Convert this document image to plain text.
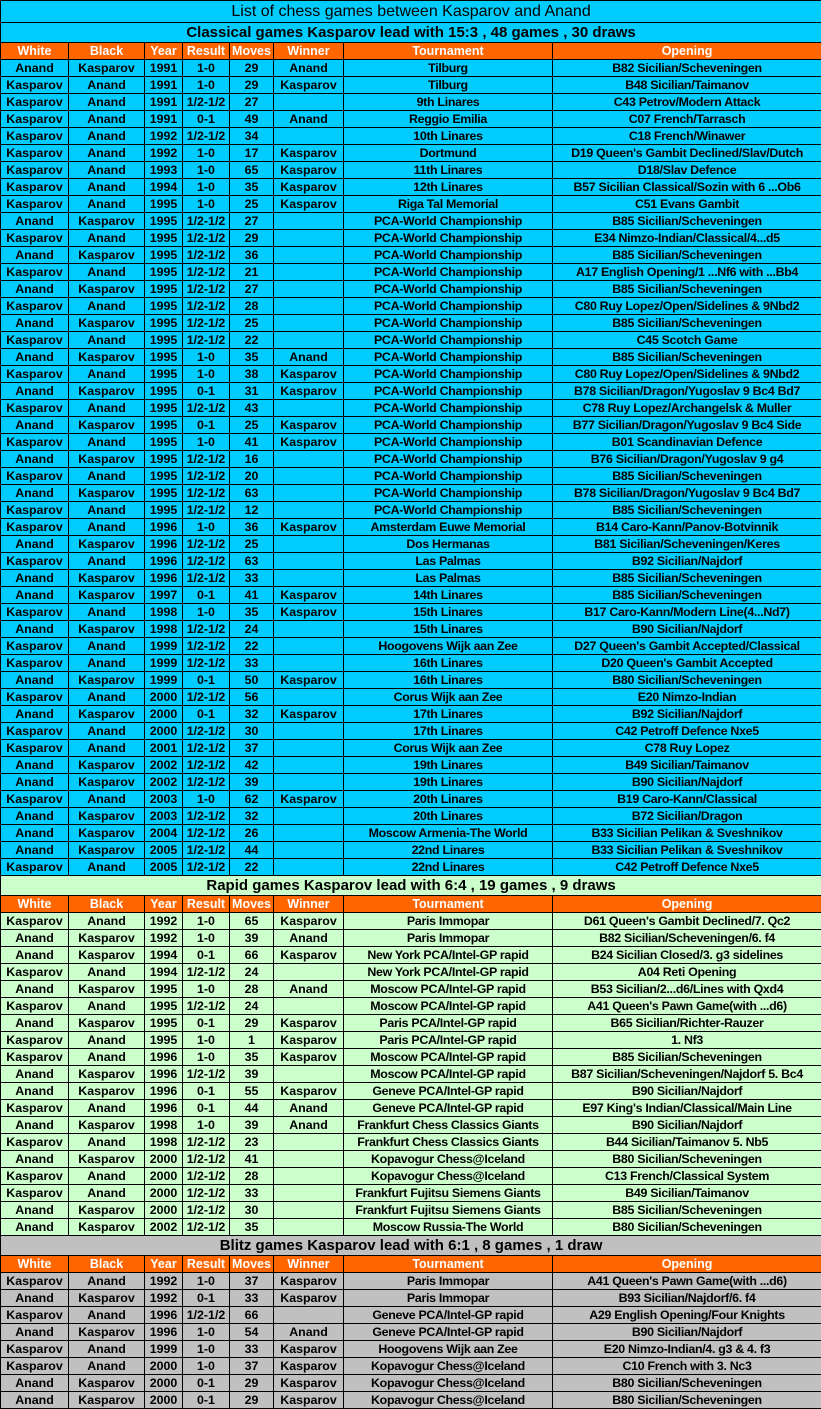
List of chess games between Kasparov and Anand							
Classical games Kasparov lead with 15:3 , 48 games , 30 draws							
White	Black	Year	Result	Moves	Winner	Tournament	Opening
Anand	Kasparov	1991	1-0	29	Anand	Tilburg	B82 Sicilian/Scheveningen
Kasparov	Anand	1991	1-0	29	Kasparov	Tilburg	B48 Sicilian/Taimanov
Kasparov	Anand	1991	1/2-1/2	27		9th Linares	C43 Petrov/Modern Attack
Kasparov	Anand	1991	0-1	49	Anand	Reggio Emilia	C07 French/Tarrasch
Kasparov	Anand	1992	1/2-1/2	34		10th Linares	C18 French/Winawer
Kasparov	Anand	1992	1-0	17	Kasparov	Dortmund	D19 Queen's Gambit Declined/Slav/Dutch
Kasparov	Anand	1993	1-0	65	Kasparov	11th Linares	D18/Slav Defence
Kasparov	Anand	1994	1-0	35	Kasparov	12th Linares	B57 Sicilian Classical/Sozin with 6 ...Ob6
Kasparov	Anand	1995	1-0	25	Kasparov	Riga Tal Memorial	C51 Evans Gambit
Anand	Kasparov	1995	1/2-1/2	27		PCA-World Championship	B85 Sicilian/Scheveningen
Kasparov	Anand	1995	1/2-1/2	29		PCA-World Championship	E34 Nimzo-Indian/Classical/4...d5
Anand	Kasparov	1995	1/2-1/2	36		PCA-World Championship	B85 Sicilian/Scheveningen
Kasparov	Anand	1995	1/2-1/2	21		PCA-World Championship	A17 English Opening/1 ...Nf6 with ...Bb4
Anand	Kasparov	1995	1/2-1/2	27		PCA-World Championship	B85 Sicilian/Scheveningen
Kasparov	Anand	1995	1/2-1/2	28		PCA-World Championship	C80 Ruy Lopez/Open/Sidelines & 9Nbd2
Anand	Kasparov	1995	1/2-1/2	25		PCA-World Championship	B85 Sicilian/Scheveningen
Kasparov	Anand	1995	1/2-1/2	22		PCA-World Championship	C45 Scotch Game
Anand	Kasparov	1995	1-0	35	Anand	PCA-World Championship	B85 Sicilian/Scheveningen
Kasparov	Anand	1995	1-0	38	Kasparov	PCA-World Championship	C80 Ruy Lopez/Open/Sidelines & 9Nbd2
Anand	Kasparov	1995	0-1	31	Kasparov	PCA-World Championship	B78 Sicilian/Dragon/Yugoslav 9 Bc4 Bd7
Kasparov	Anand	1995	1/2-1/2	43		PCA-World Championship	C78 Ruy Lopez/Archangelsk & Muller
Anand	Kasparov	1995	0-1	25	Kasparov	PCA-World Championship	B77 Sicilian/Dragon/Yugoslav 9 Bc4 Side
Kasparov	Anand	1995	1-0	41	Kasparov	PCA-World Championship	B01 Scandinavian Defence
Anand	Kasparov	1995	1/2-1/2	16		PCA-World Championship	B76 Sicilian/Dragon/Yugoslav 9 g4
Kasparov	Anand	1995	1/2-1/2	20		PCA-World Championship	B85 Sicilian/Scheveningen
Anand	Kasparov	1995	1/2-1/2	63		PCA-World Championship	B78 Sicilian/Dragon/Yugoslav 9 Bc4 Bd7
Kasparov	Anand	1995	1/2-1/2	12		PCA-World Championship	B85 Sicilian/Scheveningen
Kasparov	Anand	1996	1-0	36	Kasparov	Amsterdam Euwe Memorial	B14 Caro-Kann/Panov-Botvinnik
Anand	Kasparov	1996	1/2-1/2	25		Dos Hermanas	B81 Sicilian/Scheveningen/Keres
Kasparov	Anand	1996	1/2-1/2	63		Las Palmas	B92 Sicilian/Najdorf
Anand	Kasparov	1996	1/2-1/2	33		Las Palmas	B85 Sicilian/Scheveningen
Anand	Kasparov	1997	0-1	41	Kasparov	14th Linares	B85 Sicilian/Scheveningen
Kasparov	Anand	1998	1-0	35	Kasparov	15th Linares	B17 Caro-Kann/Modern Line(4...Nd7)
Anand	Kasparov	1998	1/2-1/2	24		15th Linares	B90 Sicilian/Najdorf
Kasparov	Anand	1999	1/2-1/2	22		Hoogovens Wijk aan Zee	D27 Queen's Gambit Accepted/Classical
Kasparov	Anand	1999	1/2-1/2	33		16th Linares	D20 Queen's Gambit Accepted
Anand	Kasparov	1999	0-1	50	Kasparov	16th Linares	B80 Sicilian/Scheveningen
Kasparov	Anand	2000	1/2-1/2	56		Corus Wijk aan Zee	E20 Nimzo-Indian
Anand	Kasparov	2000	0-1	32	Kasparov	17th Linares	B92 Sicilian/Najdorf
Kasparov	Anand	2000	1/2-1/2	30		17th Linares	C42 Petroff Defence Nxe5
Kasparov	Anand	2001	1/2-1/2	37		Corus Wijk aan Zee	C78 Ruy Lopez
Anand	Kasparov	2002	1/2-1/2	42		19th Linares	B49 Sicilian/Taimanov
Anand	Kasparov	2002	1/2-1/2	39		19th Linares	B90 Sicilian/Najdorf
Kasparov	Anand	2003	1-0	62	Kasparov	20th Linares	B19 Caro-Kann/Classical
Anand	Kasparov	2003	1/2-1/2	32		20th Linares	B72 Sicilian/Dragon
Anand	Kasparov	2004	1/2-1/2	26		Moscow Armenia-The World	B33 Sicilian Pelikan & Sveshnikov
Anand	Kasparov	2005	1/2-1/2	44		22nd Linares	B33 Sicilian Pelikan & Sveshnikov
Kasparov	Anand	2005	1/2-1/2	22		22nd Linares	C42 Petroff Defence Nxe5
Rapid games Kasparov lead with 6:4 , 19 games , 9 draws							
White	Black	Year	Result	Moves	Winner	Tournament	Opening
Kasparov	Anand	1992	1-0	65	Kasparov	Paris Immopar	D61 Queen's Gambit Declined/7. Qc2
Anand	Kasparov	1992	1-0	39	Anand	Paris Immopar	B82 Sicilian/Scheveningen/6. f4
Anand	Kasparov	1994	0-1	66	Kasparov	New York PCA/Intel-GP rapid	B24 Sicilian Closed/3. g3 sidelines
Kasparov	Anand	1994	1/2-1/2	24		New York PCA/Intel-GP rapid	A04 Reti Opening
Anand	Kasparov	1995	1-0	28	Anand	Moscow PCA/Intel-GP rapid	B53 Sicilian/2...d6/Lines with Qxd4
Kasparov	Anand	1995	1/2-1/2	24		Moscow PCA/Intel-GP rapid	A41 Queen's Pawn Game(with ...d6)
Anand	Kasparov	1995	0-1	29	Kasparov	Paris PCA/Intel-GP rapid	B65 Sicilian/Richter-Rauzer
Kasparov	Anand	1995	1-0	1	Kasparov	Paris PCA/Intel-GP rapid	1. Nf3
Kasparov	Anand	1996	1-0	35	Kasparov	Moscow PCA/Intel-GP rapid	B85 Sicilian/Scheveningen
Anand	Kasparov	1996	1/2-1/2	39		Moscow PCA/Intel-GP rapid	B87 Sicilian/Scheveningen/Najdorf 5. Bc4
Anand	Kasparov	1996	0-1	55	Kasparov	Geneve PCA/Intel-GP rapid	B90 Sicilian/Najdorf
Kasparov	Anand	1996	0-1	44	Anand	Geneve PCA/Intel-GP rapid	E97 King's Indian/Classical/Main Line
Anand	Kasparov	1998	1-0	39	Anand	Frankfurt Chess Classics Giants	B90 Sicilian/Najdorf
Kasparov	Anand	1998	1/2-1/2	23		Frankfurt Chess Classics Giants	B44 Sicilian/Taimanov 5. Nb5
Anand	Kasparov	2000	1/2-1/2	41		Kopavogur Chess@Iceland	B80 Sicilian/Scheveningen
Kasparov	Anand	2000	1/2-1/2	28		Kopavogur Chess@Iceland	C13 French/Classical System
Kasparov	Anand	2000	1/2-1/2	33		Frankfurt Fujitsu Siemens Giants	B49 Sicilian/Taimanov
Anand	Kasparov	2000	1/2-1/2	30		Frankfurt Fujitsu Siemens Giants	B85 Sicilian/Scheveningen
Anand	Kasparov	2002	1/2-1/2	35		Moscow Russia-The World	B80 Sicilian/Scheveningen
Blitz games Kasparov lead with 6:1 , 8 games , 1 draw							
White	Black	Year	Result	Moves	Winner	Tournament	Opening
Kasparov	Anand	1992	1-0	37	Kasparov	Paris Immopar	A41 Queen's Pawn Game(with ...d6)
Anand	Kasparov	1992	0-1	33	Kasparov	Paris Immopar	B93 Sicilian/Najdorf/6. f4
Kasparov	Anand	1996	1/2-1/2	66		Geneve PCA/Intel-GP rapid	A29 English Opening/Four Knights
Anand	Kasparov	1996	1-0	54	Anand	Geneve PCA/Intel-GP rapid	B90 Sicilian/Najdorf
Kasparov	Anand	1999	1-0	33	Kasparov	Hoogovens Wijk aan Zee	E20 Nimzo-Indian/4. g3 & 4. f3
Kasparov	Anand	2000	1-0	37	Kasparov	Kopavogur Chess@Iceland	C10 French with 3. Nc3
Anand	Kasparov	2000	0-1	29	Kasparov	Kopavogur Chess@Iceland	B80 Sicilian/Scheveningen
Anand	Kasparov	2000	0-1	29	Kasparov	Kopavogur Chess@Iceland	B80 Sicilian/Scheveningen
